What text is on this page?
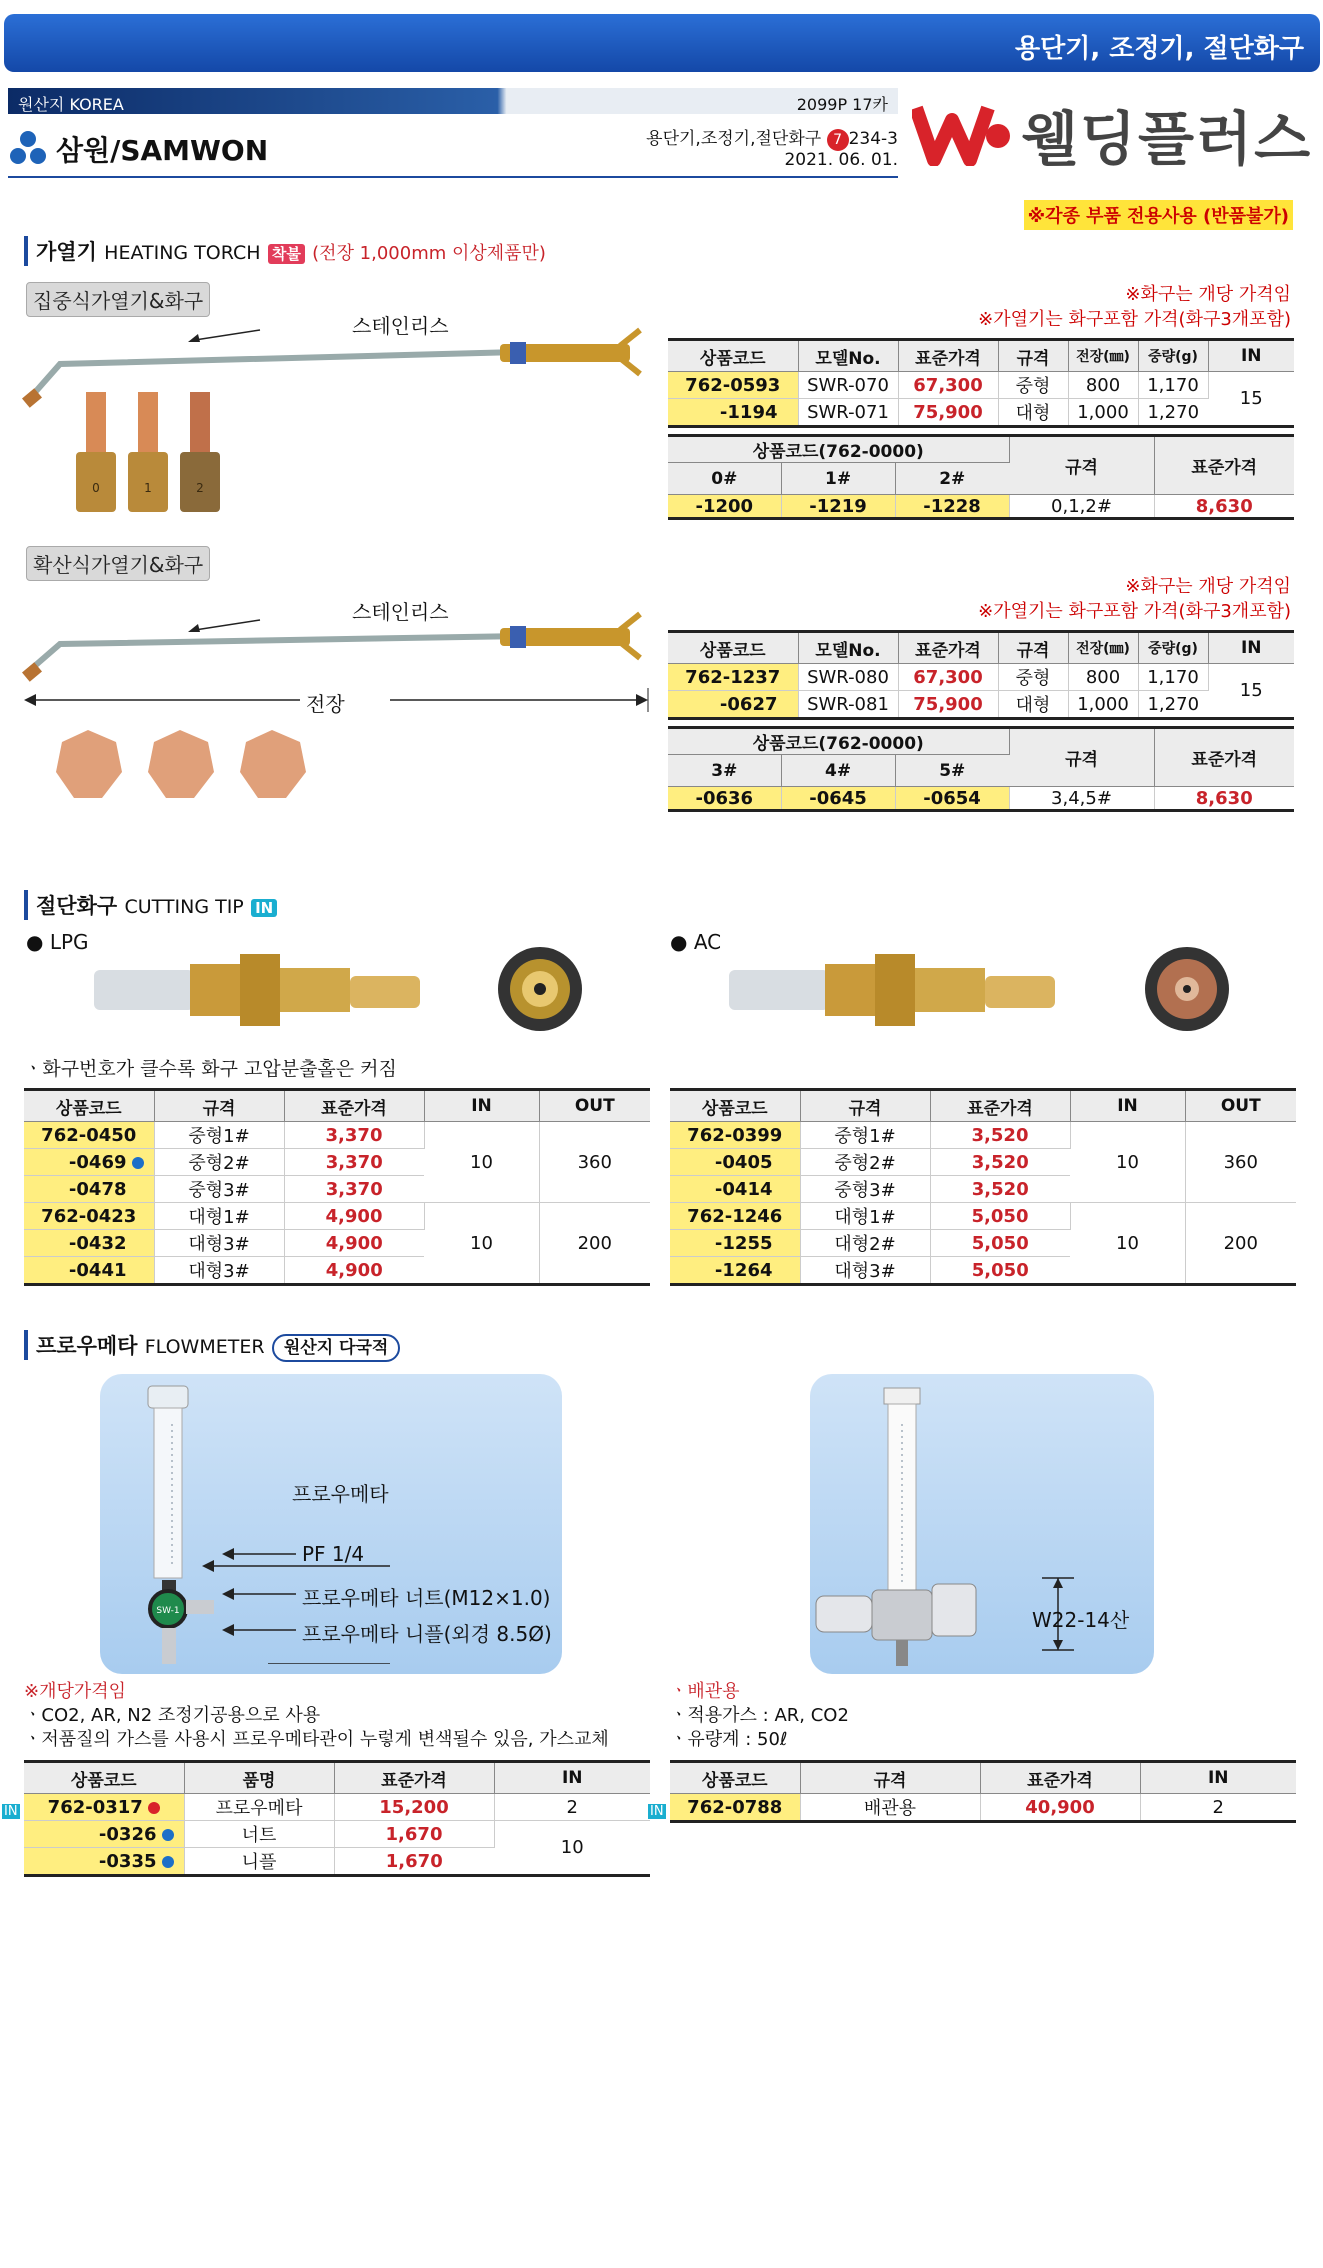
용단기, 조정기, 절단화구
원산지 KOREA	2099P 17카
삼원/SAMWON	용단기,조정기,절단화구 7 234-3
2021. 06. 01. 웰딩플러스
※각종 부품 전용사용 (반품불가)
가열기 HEATING TORCH 착불 (전장 1,000mm 이상제품만)
집중식가열기&화구
스테인리스
0	1	2
※화구는 개당 가격임
※가열기는 화구포함 가격(화구3개포함)
상품코드	모델No.	표준가격	규격	전장(㎜)	중량(g)	IN
762-0593	SWR-070	67,300	중형	800	1,170	15
-1194	SWR-071	75,900	대형	1,000	1,270	
상품코드(762-0000)			규격	표준가격
0#	1#	2#		
-1200	-1219	-1228	0,1,2#	8,630
확산식가열기&화구
스테인리스
전장
※화구는 개당 가격임
※가열기는 화구포함 가격(화구3개포함)
상품코드	모델No.	표준가격	규격	전장(㎜)	중량(g)	IN
762-1237	SWR-080	67,300	중형	800	1,170	15
-0627	SWR-081	75,900	대형	1,000	1,270	
상품코드(762-0000)			규격	표준가격
3#	4#	5#		
-0636	-0645	-0654	3,4,5#	8,630
절단화구 CUTTING TIP IN
● LPG	● AC
ㆍ화구번호가 클수록 화구 고압분출홀은 커짐
상품코드	규격	표준가격	IN	OUT
762-0450	중형1#	3,370	10	360
-0469	중형2#	3,370		
-0478	중형3#	3,370		
762-0423	대형1#	4,900	10	200
-0432	대형3#	4,900		
-0441	대형3#	4,900		
상품코드	규격	표준가격	IN	OUT
762-0399	중형1#	3,520	10	360
-0405	중형2#	3,520		
-0414	중형3#	3,520		
762-1246	대형1#	5,050	10	200
-1255	대형2#	5,050		
-1264	대형3#	5,050		
프로우메타 FLOWMETER 원산지 다국적
SW-1
프로우메타
PF 1/4
프로우메타 너트(M12×1.0)
프로우메타 니플(외경 8.5Ø)
W22-14산
※개당가격임
ㆍCO2, AR, N2 조정기공용으로 사용
ㆍ저품질의 가스를 사용시 프로우메타관이 누렇게 변색될수 있음, 가스교체
ㆍ배관용
ㆍ적용가스 : AR, CO2
ㆍ유량계 : 50ℓ
IN
상품코드	품명	표준가격	IN
762-0317	프로우메타	15,200	2
-0326	너트	1,670	10
-0335	니플	1,670	
IN
상품코드	규격	표준가격	IN
762-0788	배관용	40,900	2
